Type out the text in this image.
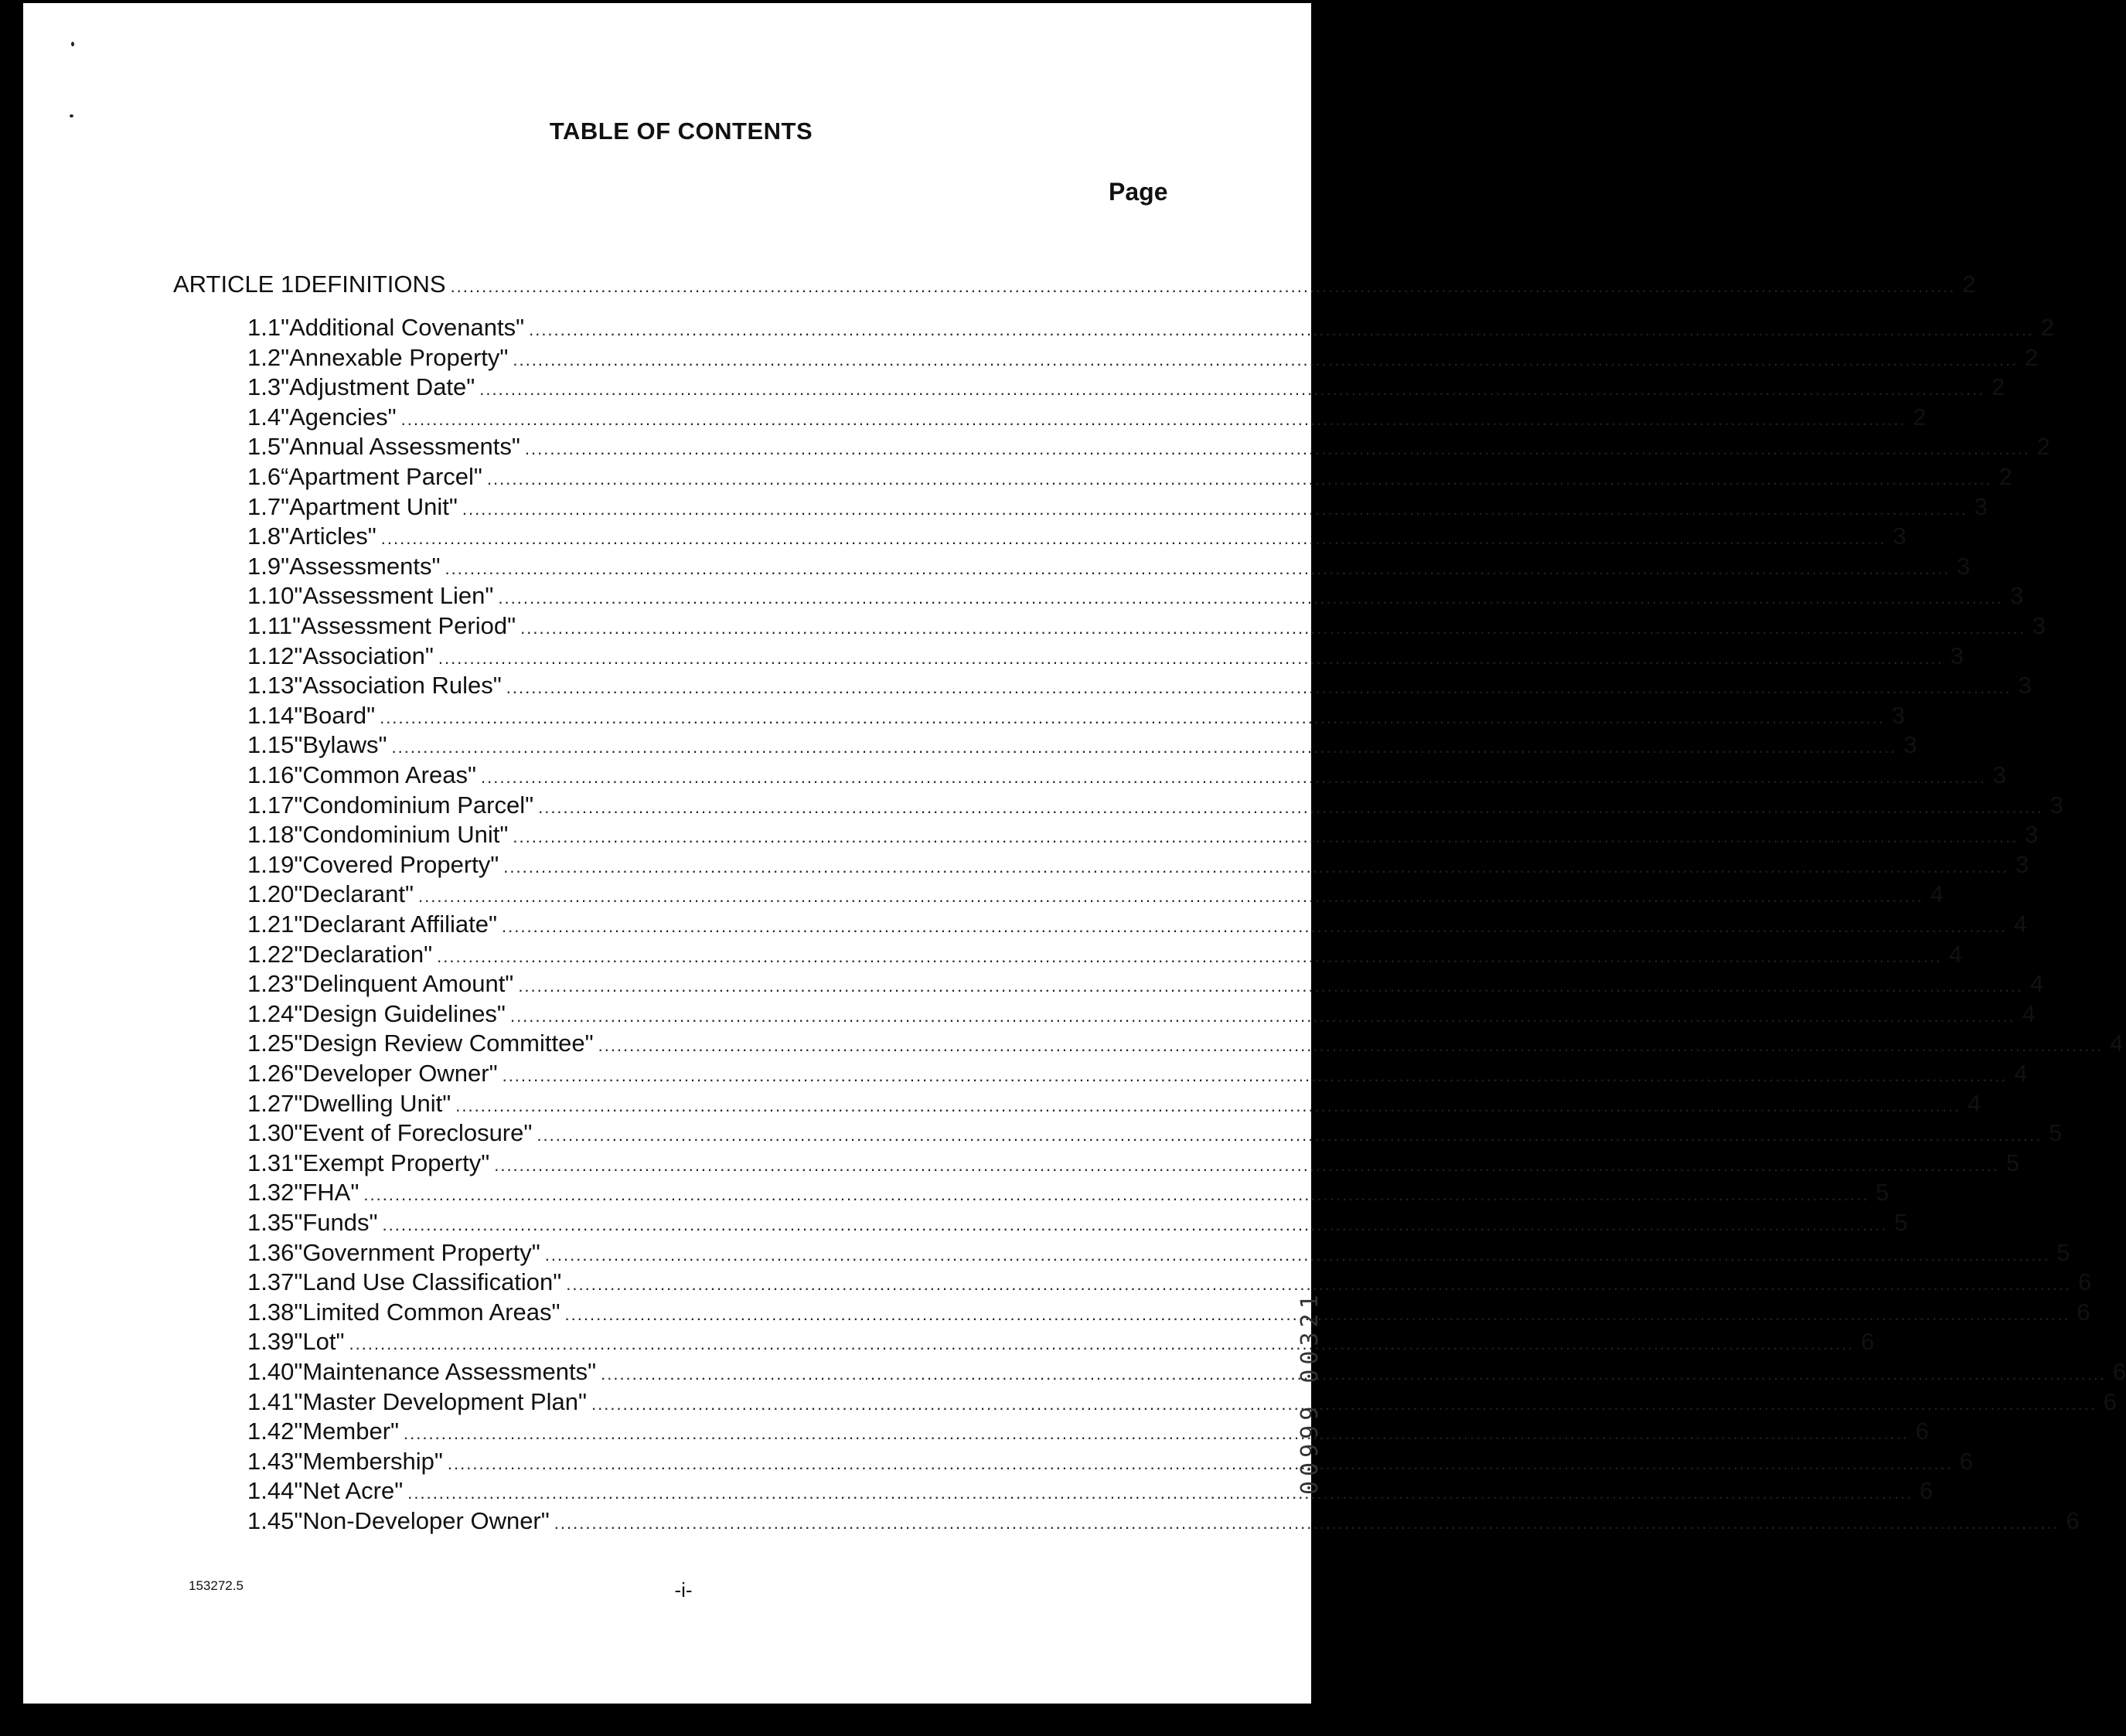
TABLE OF CONTENTS
Page
ARTICLE 1 DEFINITIONS .....	2
1.1 "Additional Covenants" .....	2
1.2 "Annexable Property" .....	2
1.3 "Adjustment Date" .....	2
1.4 "Agencies" .....	2
1.5 "Annual Assessments" .....	2
1.6 “Apartment Parcel" .....	2
1.7 "Apartment Unit" .....	3
1.8 "Articles" .....	3
1.9 "Assessments" .....	3
1.10 "Assessment Lien" .....	3
1.11 "Assessment Period" .....	3
1.12 "Association" .....	3
1.13 "Association Rules" .....	3
1.14 "Board" .....	3
1.15 "Bylaws" .....	3
1.16 "Common Areas" .....	3
1.17 "Condominium Parcel" .....	3
1.18 "Condominium Unit" .....	3
1.19 "Covered Property" .....	3
1.20 "Declarant" .....	4
1.21 "Declarant Affiliate" .....	4
1.22 "Declaration" .....	4
1.23 "Delinquent Amount" .....	4
1.24 "Design Guidelines" .....	4
1.25 "Design Review Committee" .....	4
1.26 "Developer Owner" .....	4
1.27 "Dwelling Unit" .....	4
1.30 "Event of Foreclosure" .....	5
1.31 "Exempt Property" .....	5
1.32 "FHA" .....	5
1.35 "Funds" .....	5
1.36 "Government Property" .....	5
1.37 "Land Use Classification" .....	6
1.38 "Limited Common Areas" .....	6
1.39 "Lot" .....	6
1.40 "Maintenance Assessments" .....	6
1.41 "Master Development Plan" .....	6
1.42 "Member" .....	6
1.43 "Membership" .....	6
1.44 "Net Acre" .....	6
1.45 "Non-Developer Owner" .....	6
153272.5	-i-
00999 00321
